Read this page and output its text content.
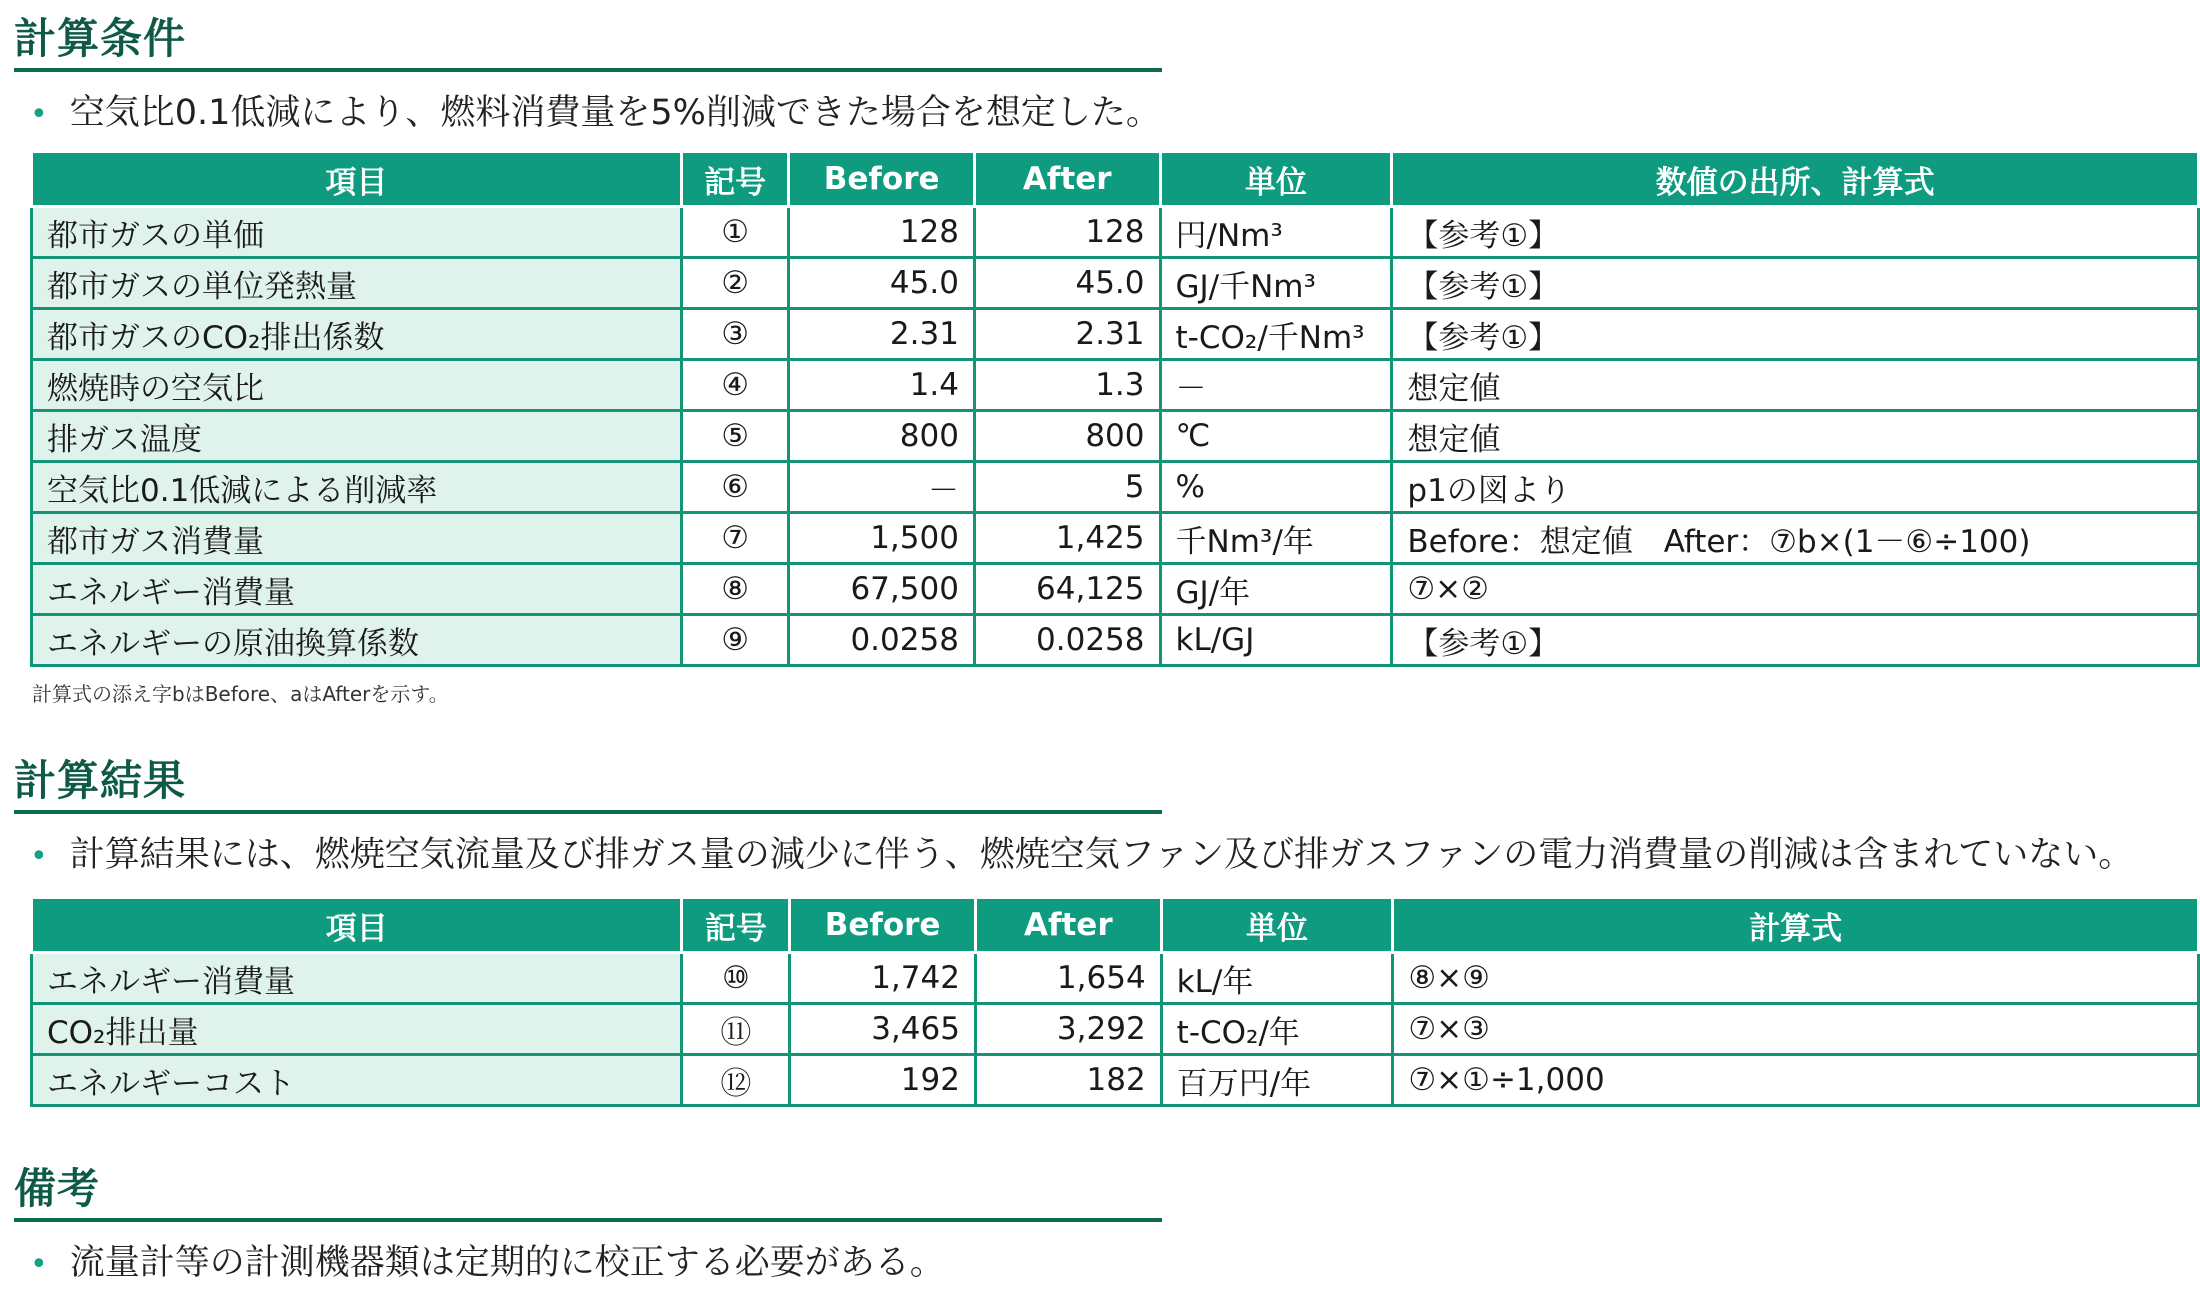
計算条件
• 空気比0.1低減により、燃料消費量を5%削減できた場合を想定した。
項目	記号	Before	After	単位	数値の出所、計算式
都市ガスの単価	①	128	128	円/Nm³	【参考①】
都市ガスの単位発熱量	②	45.0	45.0	GJ/千Nm³	【参考①】
都市ガスのCO₂排出係数	③	2.31	2.31	t-CO₂/千Nm³	【参考①】
燃焼時の空気比	④	1.4	1.3	－	想定値
排ガス温度	⑤	800	800	℃	想定値
空気比0.1低減による削減率	⑥	－	5	%	p1の図より
都市ガス消費量	⑦	1,500	1,425	千Nm³/年	Before：想定値　After：⑦b×(1－⑥÷100)
エネルギー消費量	⑧	67,500	64,125	GJ/年	⑦×②
エネルギーの原油換算係数	⑨	0.0258	0.0258	kL/GJ	【参考①】
計算式の添え字bはBefore、aはAfterを示す。
計算結果
• 計算結果には、燃焼空気流量及び排ガス量の減少に伴う、燃焼空気ファン及び排ガスファンの電力消費量の削減は含まれていない。
項目	記号	Before	After	単位	計算式
エネルギー消費量	⑩	1,742	1,654	kL/年	⑧×⑨
CO₂排出量	⑪	3,465	3,292	t-CO₂/年	⑦×③
エネルギーコスト	⑫	192	182	百万円/年	⑦×①÷1,000
備考
• 流量計等の計測機器類は定期的に校正する必要がある。
